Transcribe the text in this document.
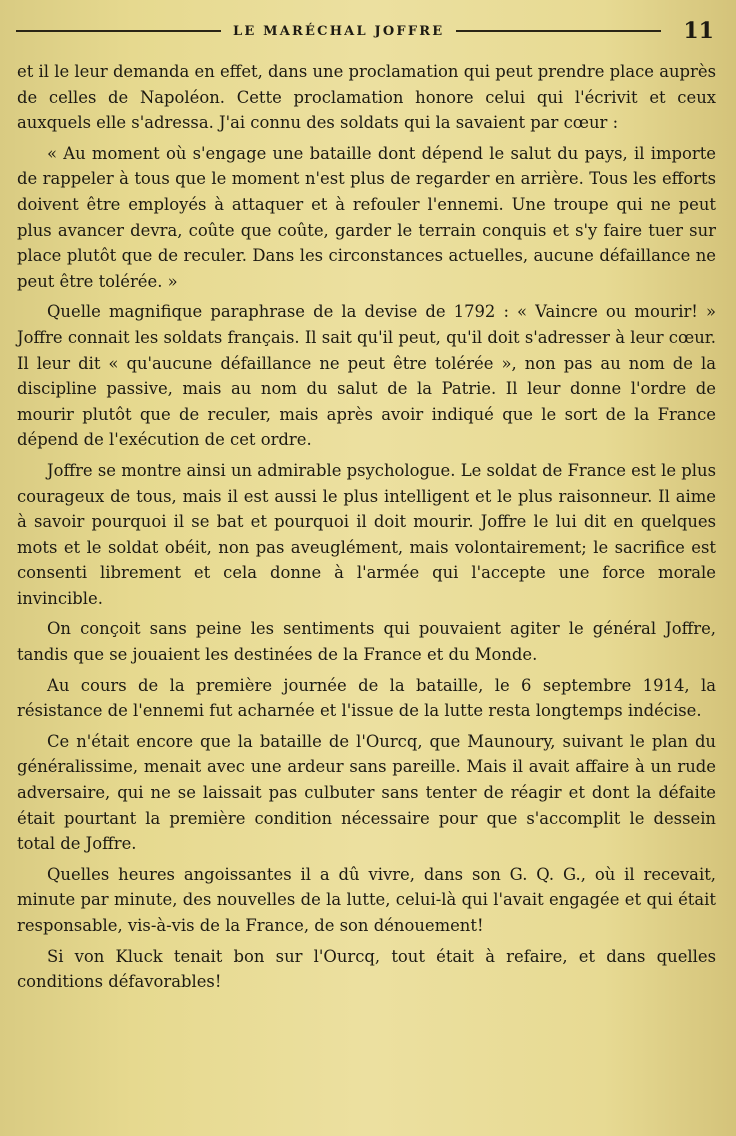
LE MARÉCHAL JOFFRE	11

et il le leur demanda en effet, dans une proclamation qui peut prendre place auprès de celles de Napoléon. Cette proclamation honore celui qui l'écrivit et ceux auxquels elle s'adressa. J'ai connu des soldats qui la savaient par cœur :

« Au moment où s'engage une bataille dont dépend le salut du pays, il importe de rappeler à tous que le moment n'est plus de regarder en arrière. Tous les efforts doivent être employés à attaquer et à refouler l'ennemi. Une troupe qui ne peut plus avancer devra, coûte que coûte, garder le terrain conquis et s'y faire tuer sur place plutôt que de reculer. Dans les circonstances actuelles, aucune défaillance ne peut être tolérée. »

Quelle magnifique paraphrase de la devise de 1792 : « Vaincre ou mourir! » Joffre connait les soldats français. Il sait qu'il peut, qu'il doit s'adresser à leur cœur. Il leur dit « qu'aucune défaillance ne peut être tolérée », non pas au nom de la discipline passive, mais au nom du salut de la Patrie. Il leur donne l'ordre de mourir plutôt que de reculer, mais après avoir indiqué que le sort de la France dépend de l'exécution de cet ordre.

Joffre se montre ainsi un admirable psychologue. Le soldat de France est le plus courageux de tous, mais il est aussi le plus intelligent et le plus raisonneur. Il aime à savoir pourquoi il se bat et pourquoi il doit mourir. Joffre le lui dit en quelques mots et le soldat obéit, non pas aveuglément, mais volontairement; le sacrifice est consenti librement et cela donne à l'armée qui l'accepte une force morale invincible.

On conçoit sans peine les sentiments qui pouvaient agiter le général Joffre, tandis que se jouaient les destinées de la France et du Monde.

Au cours de la première journée de la bataille, le 6 septembre 1914, la résistance de l'ennemi fut acharnée et l'issue de la lutte resta longtemps indécise.

Ce n'était encore que la bataille de l'Ourcq, que Maunoury, suivant le plan du généralissime, menait avec une ardeur sans pareille. Mais il avait affaire à un rude adversaire, qui ne se laissait pas culbuter sans tenter de réagir et dont la défaite était pourtant la première condition nécessaire pour que s'accomplit le dessein total de Joffre.

Quelles heures angoissantes il a dû vivre, dans son G. Q. G., où il recevait, minute par minute, des nouvelles de la lutte, celui-là qui l'avait engagée et qui était responsable, vis-à-vis de la France, de son dénouement!

Si von Kluck tenait bon sur l'Ourcq, tout était à refaire, et dans quelles conditions défavorables!
